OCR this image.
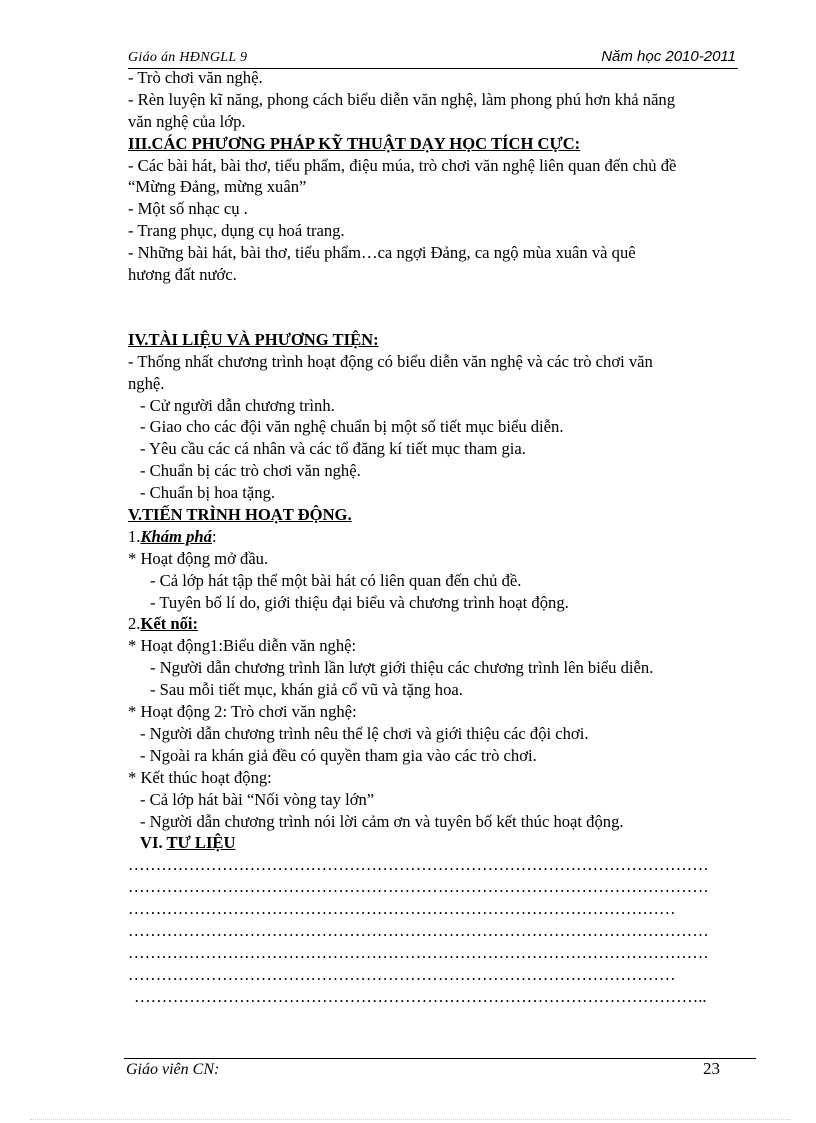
Giáo án HĐNGLL 9	Năm học 2010-2011
- Trò chơi văn nghệ.
- Rèn luyện kĩ năng, phong cách biểu diễn văn nghệ, làm phong phú hơn khả năng
văn nghệ của lớp.
III.CÁC PHƯƠNG PHÁP KỸ THUẬT DẠY HỌC TÍCH CỰC:
- Các bài hát, bài thơ, tiểu phẩm, điệu múa, trò chơi văn nghệ liên quan đến chủ đề
“Mừng Đảng, mừng xuân”
- Một số nhạc cụ .
- Trang phục, dụng cụ hoá trang.
- Những bài hát, bài thơ, tiểu phẩm…ca ngợi Đảng, ca ngộ mùa xuân và quê
hương đất nước.
IV.TÀI LIỆU VÀ PHƯƠNG TIỆN:
- Thống nhất chương trình hoạt động có biểu diễn văn nghệ và các trò chơi văn
nghệ.
- Cử người dẫn chương trình.
- Giao cho các đội văn nghệ chuẩn bị một số tiết mục biểu diễn.
- Yêu cầu các cá nhân và các tổ đăng kí tiết mục tham gia.
- Chuẩn bị các trò chơi văn nghệ.
- Chuẩn bị hoa tặng.
V.TIẾN TRÌNH HOẠT ĐỘNG.
1.Khám phá:
* Hoạt động mở đầu.
- Cả lớp hát tập thể một bài hát có liên quan đến chủ đề.
- Tuyên bố lí do, giới thiệu đại biểu và chương trình hoạt động.
2.Kết nối:
* Hoạt động1:Biểu diễn văn nghệ:
- Người dẫn chương trình lần lượt giới thiệu các chương trình lên biểu diễn.
- Sau mỗi tiết mục, khán giả cổ vũ và tặng hoa.
* Hoạt động 2: Trò chơi văn nghệ:
- Người dẫn chương trình nêu thể lệ chơi và giới thiệu các đội chơi.
- Ngoài ra khán giả đều có quyền tham gia vào các trò chơi.
* Kết thúc hoạt động:
- Cả lớp hát bài “Nối vòng tay lớn”
- Người dẫn chương trình nói lời cảm ơn và tuyên bố kết thúc hoạt động.
VI. TƯ LIỆU
……………………………………………………………………………………………
……………………………………………………………………………………………
………………………………………………………………………………………
……………………………………………………………………………………………
……………………………………………………………………………………………
………………………………………………………………………………………
…………………………………………………………………………………………..
Giáo viên CN:	23
